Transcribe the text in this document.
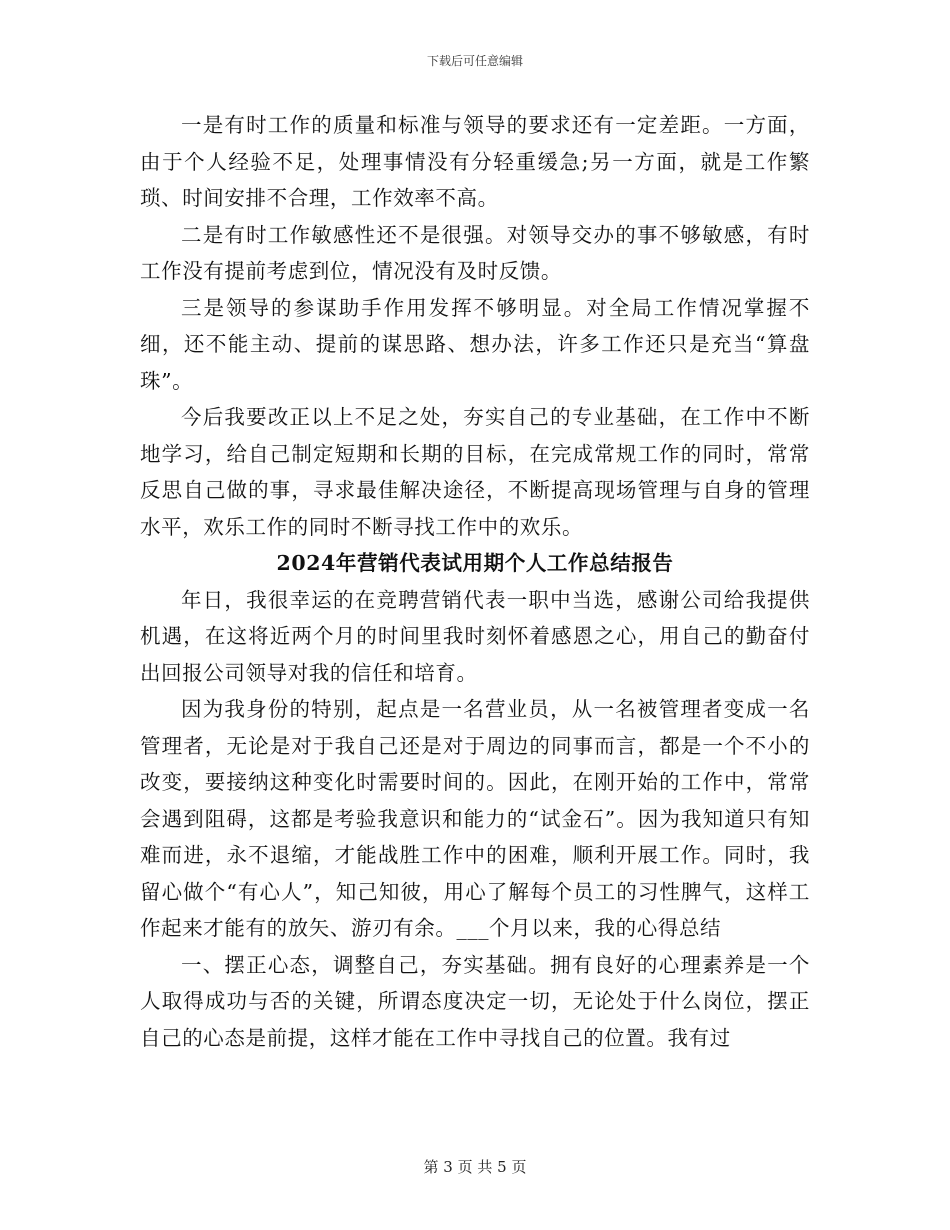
下载后可任意编辑

一是有时工作的质量和标准与领导的要求还有一定差距。一方面，由于个人经验不足，处理事情没有分轻重缓急;另一方面，就是工作繁琐、时间安排不合理，工作效率不高。

二是有时工作敏感性还不是很强。对领导交办的事不够敏感，有时工作没有提前考虑到位，情况没有及时反馈。

三是领导的参谋助手作用发挥不够明显。对全局工作情况掌握不细，还不能主动、提前的谋思路、想办法，许多工作还只是充当“算盘珠”。

今后我要改正以上不足之处，夯实自己的专业基础，在工作中不断地学习，给自己制定短期和长期的目标，在完成常规工作的同时，常常反思自己做的事，寻求最佳解决途径，不断提高现场管理与自身的管理水平，欢乐工作的同时不断寻找工作中的欢乐。

2024年营销代表试用期个人工作总结报告

年日，我很幸运的在竞聘营销代表一职中当选，感谢公司给我提供机遇，在这将近两个月的时间里我时刻怀着感恩之心，用自己的勤奋付出回报公司领导对我的信任和培育。

因为我身份的特别，起点是一名营业员，从一名被管理者变成一名管理者，无论是对于我自己还是对于周边的同事而言，都是一个不小的改变，要接纳这种变化时需要时间的。因此，在刚开始的工作中，常常会遇到阻碍，这都是考验我意识和能力的“试金石”。因为我知道只有知难而进，永不退缩，才能战胜工作中的困难，顺利开展工作。同时，我留心做个“有心人”，知己知彼，用心了解每个员工的习性脾气，这样工作起来才能有的放矢、游刃有余。___个月以来，我的心得总结

一、摆正心态，调整自己，夯实基础。拥有良好的心理素养是一个人取得成功与否的关键，所谓态度决定一切，无论处于什么岗位，摆正自己的心态是前提，这样才能在工作中寻找自己的位置。我有过

第 3 页 共 5 页
